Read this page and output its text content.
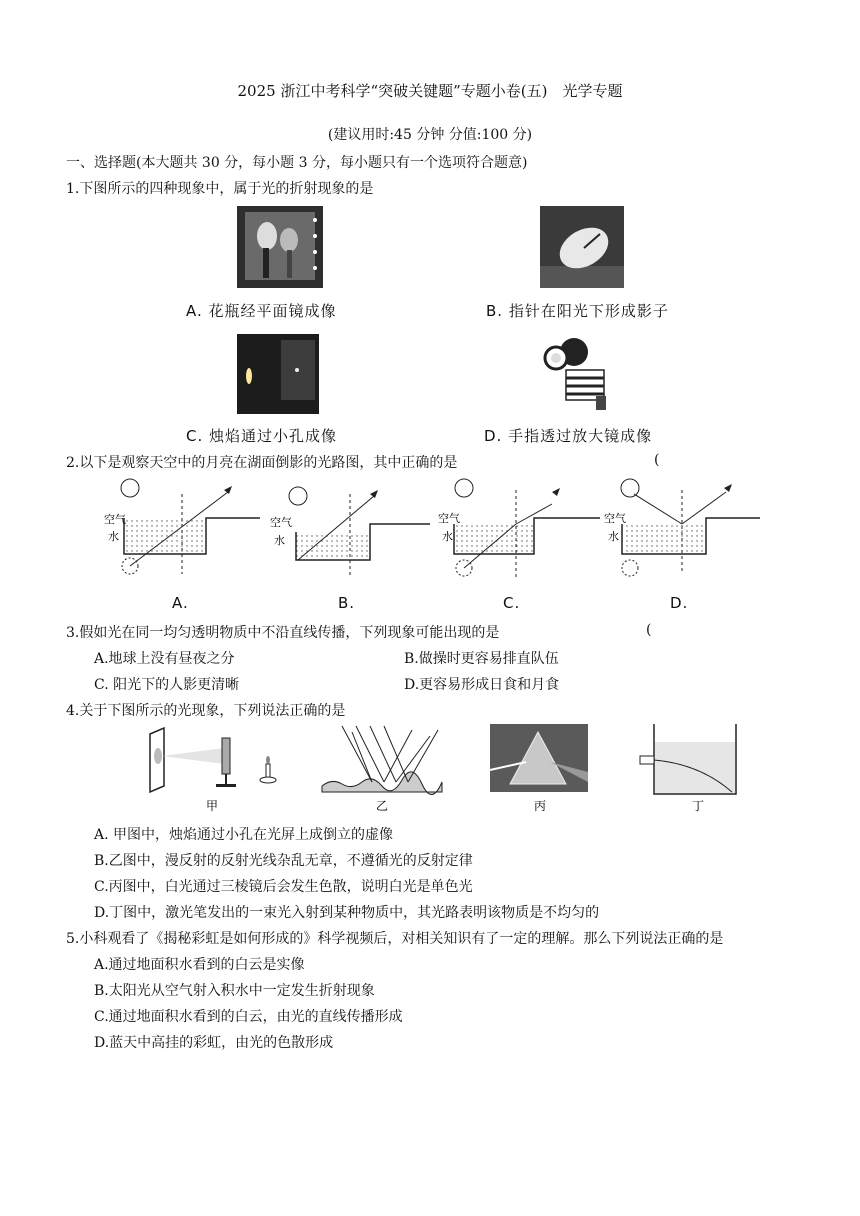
2025 浙江中考科学“突破关键题”专题小卷(五)　光学专题
(建议用时:45 分钟 分值:100 分)
一、选择题(本大题共 30 分，每小题 3 分，每小题只有一个选项符合题意)
1.下图所示的四种现象中，属于光的折射现象的是
A. 花瓶经平面镜成像	B. 指针在阳光下形成影子
C. 烛焰通过小孔成像	D. 手指透过放大镜成像
2.以下是观察天空中的月亮在湖面倒影的光路图，其中正确的是	(
空气
水
空气
水
空气
水
空气
水
A.	B.	C.	D.
3.假如光在同一均匀透明物质中不沿直线传播，下列现象可能出现的是	(
A.地球上没有昼夜之分	B.做操时更容易排直队伍
C. 阳光下的人影更清晰	D.更容易形成日食和月食
4.关于下图所示的光现象，下列说法正确的是
甲	乙	丙	丁
A. 甲图中，烛焰通过小孔在光屏上成倒立的虚像
B.乙图中，漫反射的反射光线杂乱无章，不遵循光的反射定律
C.丙图中，白光通过三棱镜后会发生色散，说明白光是单色光
D.丁图中，激光笔发出的一束光入射到某种物质中，其光路表明该物质是不均匀的
5.小科观看了《揭秘彩虹是如何形成的》科学视频后，对相关知识有了一定的理解。那么下列说法正确的是
A.通过地面积水看到的白云是实像
B.太阳光从空气射入积水中一定发生折射现象
C.通过地面积水看到的白云，由光的直线传播形成
D.蓝天中高挂的彩虹，由光的色散形成
